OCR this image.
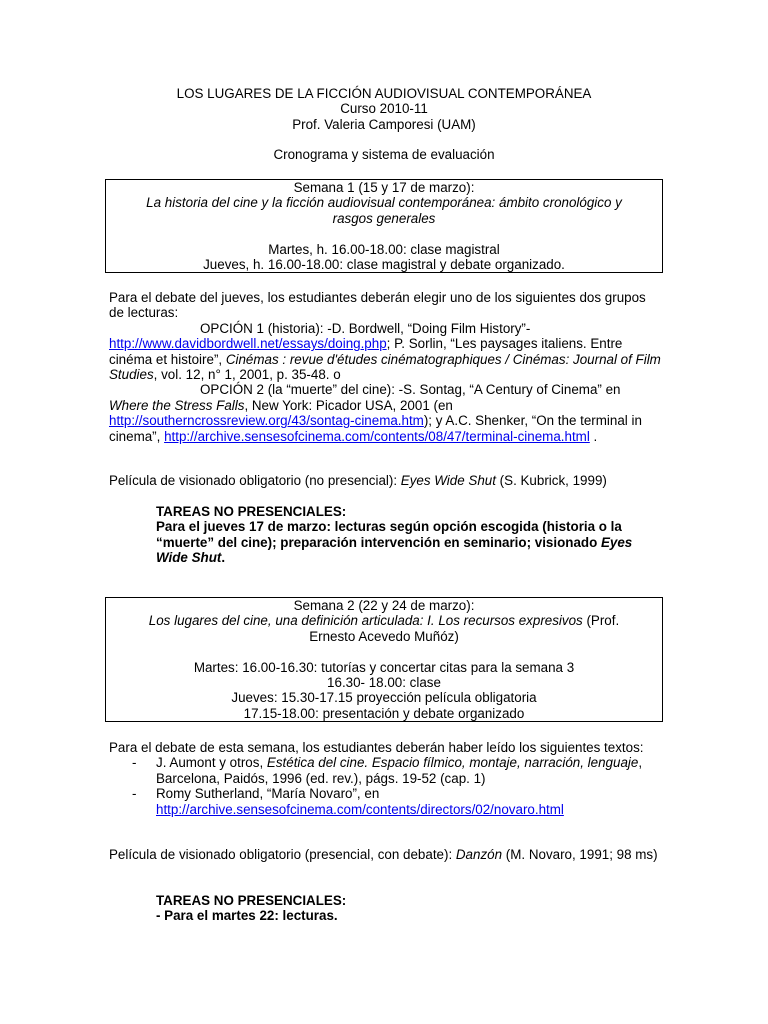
LOS LUGARES DE LA FICCIÓN AUDIOVISUAL CONTEMPORÁNEA
Curso 2010-11
Prof. Valeria Camporesi (UAM)
Cronograma y sistema de evaluación
Semana 1 (15 y 17 de marzo):
La historia del cine y la ficción audiovisual contemporánea: ámbito cronológico y rasgos generales
Martes, h. 16.00-18.00: clase magistral
Jueves, h. 16.00-18.00: clase magistral y debate organizado.
Para el debate del jueves, los estudiantes deberán elegir uno de los siguientes dos grupos de lecturas:
OPCIÓN 1 (historia): -D. Bordwell, “Doing Film History”-http://www.davidbordwell.net/essays/doing.php; P. Sorlin, “Les paysages italiens. Entre cinéma et histoire”, Cinémas : revue d'études cinématographiques / Cinémas: Journal of Film Studies, vol. 12, n° 1, 2001, p. 35-48. o
OPCIÓN 2 (la “muerte” del cine): -S. Sontag, “A Century of Cinema” en Where the Stress Falls, New York: Picador USA, 2001 (en http://southerncrossreview.org/43/sontag-cinema.htm); y A.C. Shenker, “On the terminal in cinema”, http://archive.sensesofcinema.com/contents/08/47/terminal-cinema.html .
Película de visionado obligatorio (no presencial): Eyes Wide Shut (S. Kubrick, 1999)
TAREAS NO PRESENCIALES:
Para el jueves 17 de marzo: lecturas según opción escogida (historia o la “muerte” del cine); preparación intervención en seminario; visionado Eyes Wide Shut.
Semana 2 (22 y 24 de marzo):
Los lugares del cine, una definición articulada: I. Los recursos expresivos (Prof. Ernesto Acevedo Muñóz)
Martes: 16.00-16.30: tutorías y concertar citas para la semana 3
16.30- 18.00: clase
Jueves: 15.30-17.15 proyección película obligatoria
17.15-18.00: presentación y debate organizado
Para el debate de esta semana, los estudiantes deberán haber leído los siguientes textos:
- J. Aumont y otros, Estética del cine. Espacio fílmico, montaje, narración, lenguaje, Barcelona, Paidós, 1996 (ed. rev.), págs. 19-52 (cap. 1)
- Romy Sutherland, “María Novaro”, en
http://archive.sensesofcinema.com/contents/directors/02/novaro.html
Película de visionado obligatorio (presencial, con debate): Danzón (M. Novaro, 1991; 98 ms)
TAREAS NO PRESENCIALES:
- Para el martes 22: lecturas.
